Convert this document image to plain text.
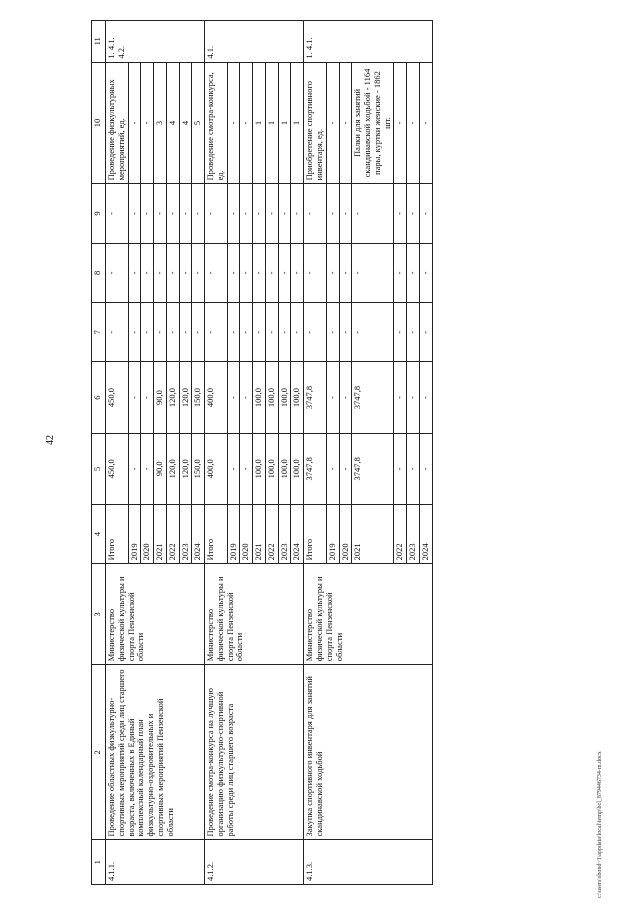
42
1	2	3	4	5	6	7	8	9	10	11
4.1.1.	Проведение областных физкультурно-спортивных мероприятий среди лиц старшего возраста, включенных в Единый комплексный календарный план физкультурно-оздоровительных и спортивных мероприятий Пензенской области	Министерство физической культуры и спорта Пензенской области	Итого	450,0	450,0	-	-	-	Проведение физкультурных мероприятий, ед.	1. 4.1. 4.2.
			2019	-	-	-	-	-	-	
			2020	-	-	-	-	-	-	
			2021	90,0	90,0	-	-	-	3	
			2022	120,0	120,0	-	-	-	4	
			2023	120,0	120,0	-	-	-	4	
			2024	150,0	150,0	-	-	-	5	
4.1.2.	Проведение смотра-конкурса на лучшую организацию физкультурно-спортивной работы среди лиц старшего возраста	Министерство физической культуры и спорта Пензенской области	Итого	400,0	400,0	-	-	-	Проведение смотра-конкурса, ед.	4.1.
			2019	-	-	-	-	-	-	
			2020	-	-	-	-	-	-	
			2021	100,0	100,0	-	-	-	1	
			2022	100,0	100,0	-	-	-	1	
			2023	100,0	100,0	-	-	-	1	
			2024	100,0	100,0	-	-	-	1	
4.1.3.	Закупка спортивного инвентаря для занятий скандинавской ходьбой	Министерство физической культуры и спорта Пензенской области	Итого	3747,8	3747,8	-	-	-	Приобретение спортивного инвентаря, ед.	1. 4.1.
			2019	-	-	-	-	-	-	
			2020	-	-	-	-	-	-	
			2021	3747,8	3747,8	-	-	-	Палки для занятий скандинавской ходьбой - 1164 пары, куртки женские - 1862 шт.	
			2022	-	-	-	-	-	-	
			2023	-	-	-	-	-	-	
			2024	-	-	-	-	-	-	
c:\users\sbond~1\appdata\local\temp\bcl_879446734-m.docx
